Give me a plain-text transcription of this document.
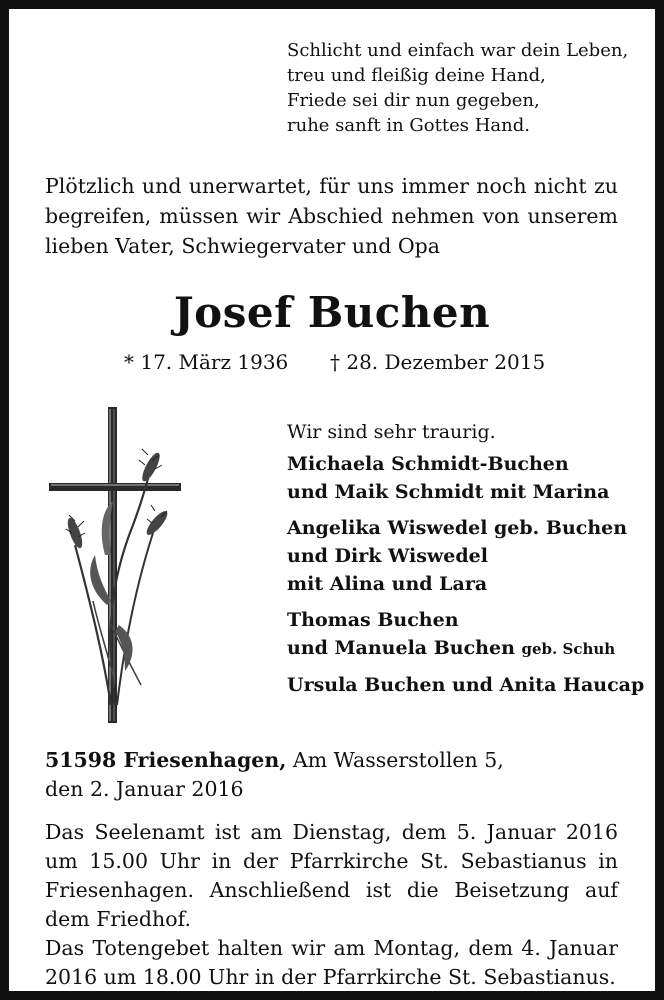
Schlicht und einfach war dein Leben,
treu und fleißig deine Hand,
Friede sei dir nun gegeben,
ruhe sanft in Gottes Hand.
Plötzlich und unerwartet, für uns immer noch nicht zu begreifen, müssen wir Abschied nehmen von unserem lieben Vater, Schwiegervater und Opa
Josef Buchen
* 17. März 1936 † 28. Dezember 2015
Wir sind sehr traurig.
Michaela Schmidt-Buchen
und Maik Schmidt mit Marina
Angelika Wiswedel geb. Buchen
und Dirk Wiswedel
mit Alina und Lara
Thomas Buchen
und Manuela Buchen geb. Schuh
Ursula Buchen und Anita Haucap
51598 Friesenhagen, Am Wasserstollen 5,
den 2. Januar 2016
Das Seelenamt ist am Dienstag, dem 5. Januar 2016 um 15.00 Uhr in der Pfarrkirche St. Sebastianus in Friesenhagen. Anschließend ist die Beisetzung auf dem Friedhof.
Das Totengebet halten wir am Montag, dem 4. Januar 2016 um 18.00 Uhr in der Pfarrkirche St. Sebastianus.
